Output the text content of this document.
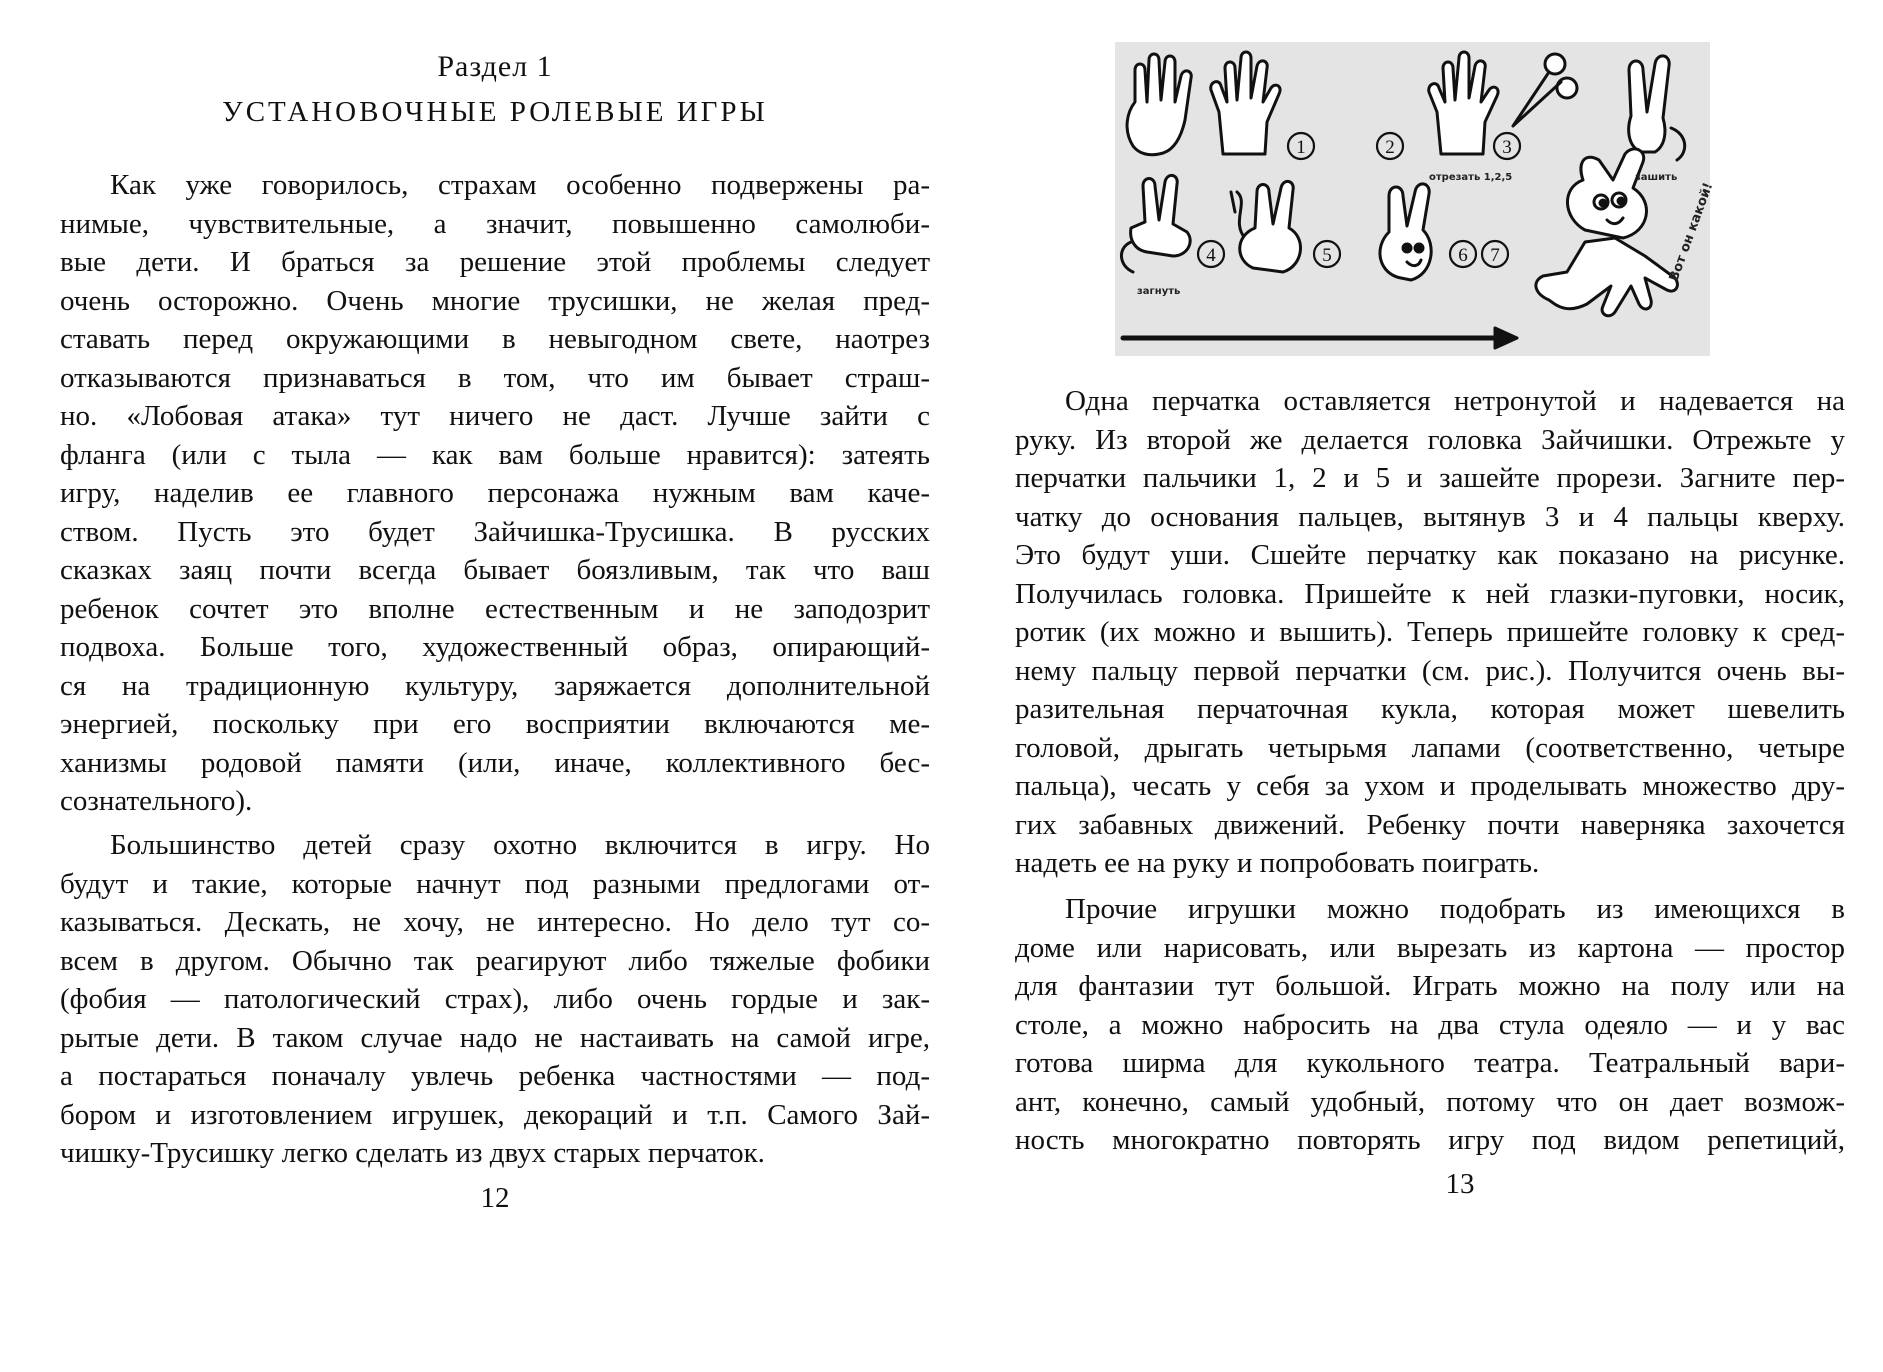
Раздел 1
УСТАНОВОЧНЫЕ РОЛЕВЫЕ ИГРЫ
Как уже говорилось, страхам особенно подвержены ра-
нимые, чувствительные, а значит, повышенно самолюби-
вые дети. И браться за решение этой проблемы следует
очень осторожно. Очень многие трусишки, не желая пред-
ставать перед окружающими в невыгодном свете, наотрез
отказываются признаваться в том, что им бывает страш-
но. «Лобовая атака» тут ничего не даст. Лучше зайти с
фланга (или с тыла — как вам больше нравится): затеять
игру, наделив ее главного персонажа нужным вам каче-
ством. Пусть это будет Зайчишка-Трусишка. В русских
сказках заяц почти всегда бывает боязливым, так что ваш
ребенок сочтет это вполне естественным и не заподозрит
подвоха. Больше того, художественный образ, опирающий-
ся на традиционную культуру, заряжается дополнительной
энергией, поскольку при его восприятии включаются ме-
ханизмы родовой памяти (или, иначе, коллективного бес-
сознательного).
Большинство детей сразу охотно включится в игру. Но
будут и такие, которые начнут под разными предлогами от-
казываться. Дескать, не хочу, не интересно. Но дело тут со-
всем в другом. Обычно так реагируют либо тяжелые фобики
(фобия — патологический страх), либо очень гордые и зак-
рытые дети. В таком случае надо не настаивать на самой игре,
а постараться поначалу увлечь ребенка частностями — под-
бором и изготовлением игрушек, декораций и т.п. Самого Зай-
чишку-Трусишку легко сделать из двух старых перчаток.
12
1	2	3
4	5	6 7
отрезать 1,2,5	зашить
загнуть
Вот он какой!
Одна перчатка оставляется нетронутой и надевается на
руку. Из второй же делается головка Зайчишки. Отрежьте у
перчатки пальчики 1, 2 и 5 и зашейте прорези. Загните пер-
чатку до основания пальцев, вытянув 3 и 4 пальцы кверху.
Это будут уши. Сшейте перчатку как показано на рисунке.
Получилась головка. Пришейте к ней глазки-пуговки, носик,
ротик (их можно и вышить). Теперь пришейте головку к сред-
нему пальцу первой перчатки (см. рис.). Получится очень вы-
разительная перчаточная кукла, которая может шевелить
головой, дрыгать четырьмя лапами (соответственно, четыре
пальца), чесать у себя за ухом и проделывать множество дру-
гих забавных движений. Ребенку почти наверняка захочется
надеть ее на руку и попробовать поиграть.
Прочие игрушки можно подобрать из имеющихся в
доме или нарисовать, или вырезать из картона — простор
для фантазии тут большой. Играть можно на полу или на
столе, а можно набросить на два стула одеяло — и у вас
готова ширма для кукольного театра. Театральный вари-
ант, конечно, самый удобный, потому что он дает возмож-
ность многократно повторять игру под видом репетиций,
13
